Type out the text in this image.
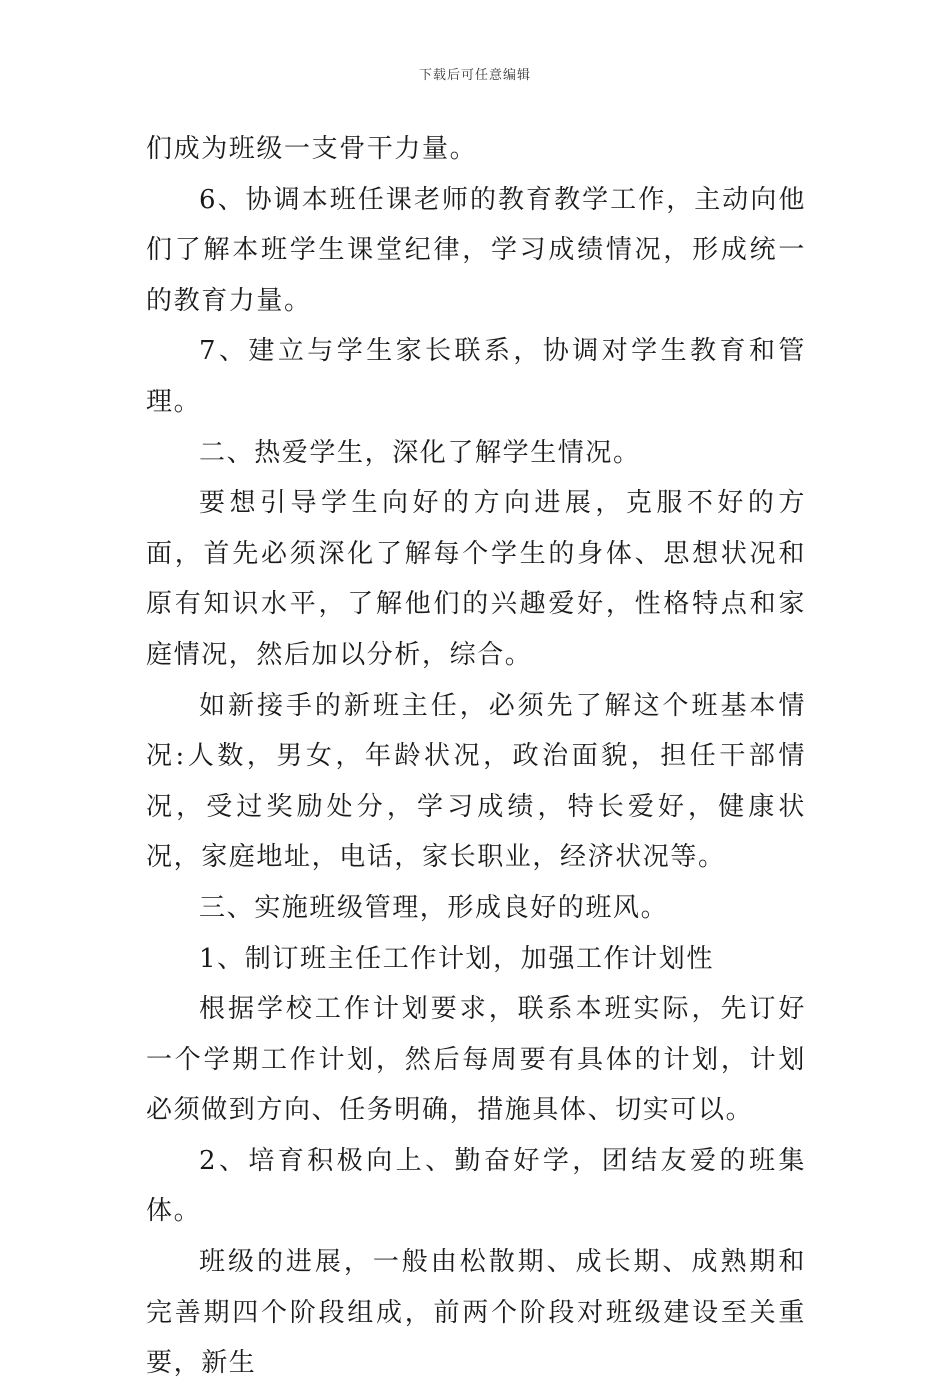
下载后可任意编辑

们成为班级一支骨干力量。

6、协调本班任课老师的教育教学工作，主动向他们了解本班学生课堂纪律，学习成绩情况，形成统一的教育力量。

7、建立与学生家长联系，协调对学生教育和管理。

二、热爱学生，深化了解学生情况。

要想引导学生向好的方向进展，克服不好的方面，首先必须深化了解每个学生的身体、思想状况和原有知识水平，了解他们的兴趣爱好，性格特点和家庭情况，然后加以分析，综合。

如新接手的新班主任，必须先了解这个班基本情况:人数，男女，年龄状况，政治面貌，担任干部情况，受过奖励处分，学习成绩，特长爱好，健康状况，家庭地址，电话，家长职业，经济状况等。

三、实施班级管理，形成良好的班风。

1、制订班主任工作计划，加强工作计划性

根据学校工作计划要求，联系本班实际，先订好一个学期工作计划，然后每周要有具体的计划，计划必须做到方向、任务明确，措施具体、切实可以。

2、培育积极向上、勤奋好学，团结友爱的班集体。

班级的进展，一般由松散期、成长期、成熟期和完善期四个阶段组成，前两个阶段对班级建设至关重要，新生
